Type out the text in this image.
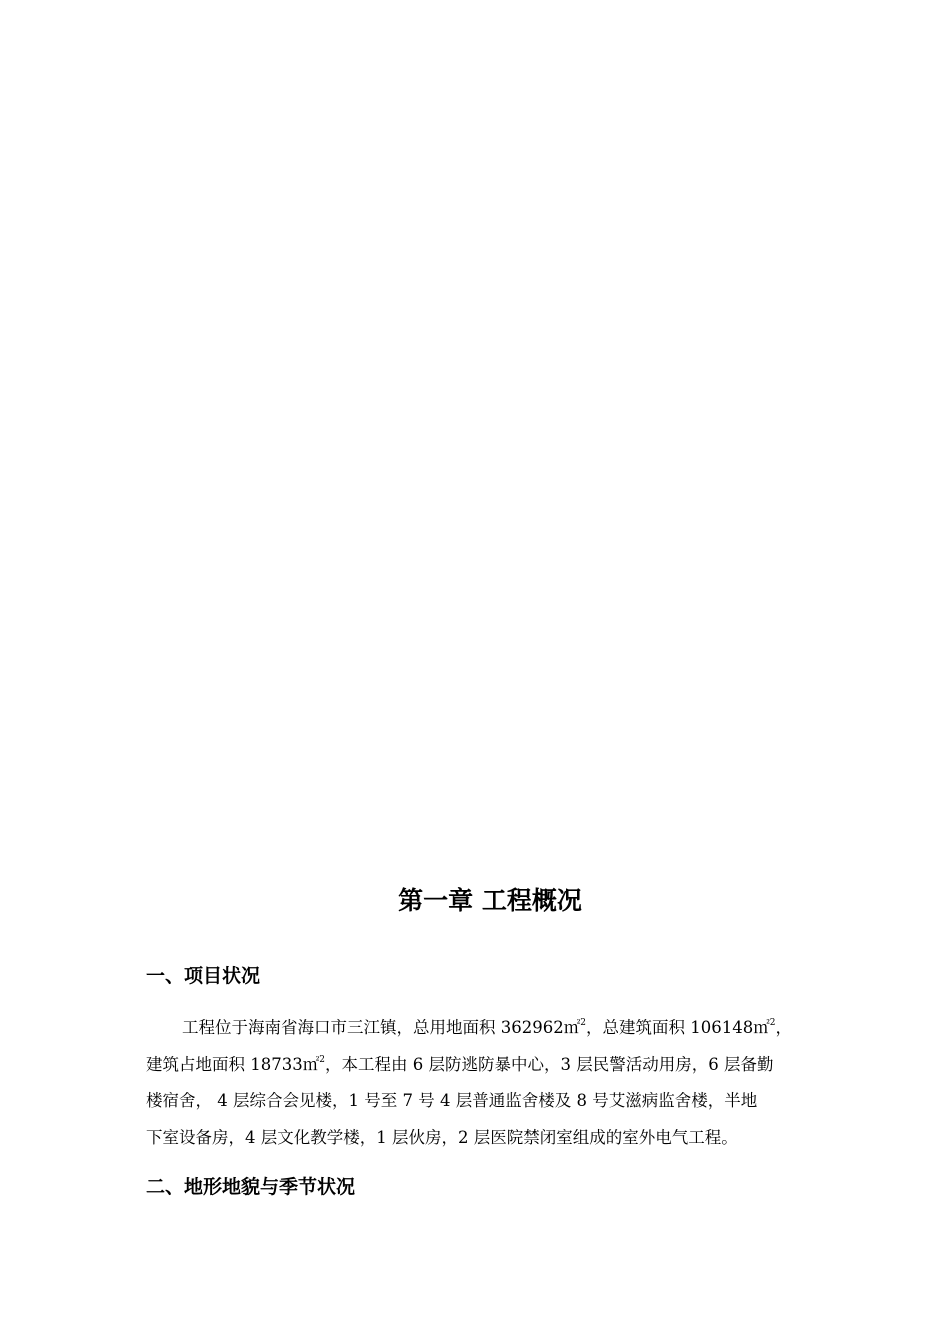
第一章 工程概况
一、项目状况

工程位于海南省海口市三江镇，总用地面积 362962㎡$^2$，总建筑面积 106148㎡$^2$，
建筑占地面积 18733㎡$^2$，本工程由 6 层防逃防暴中心，3 层民警活动用房，6 层备勤
楼宿舍， 4 层综合会见楼，1 号至 7 号 4 层普通监舍楼及 8 号艾滋病监舍楼，半地
下室设备房，4 层文化教学楼，1 层伙房，2 层医院禁闭室组成的室外电气工程。

二、地形地貌与季节状况
